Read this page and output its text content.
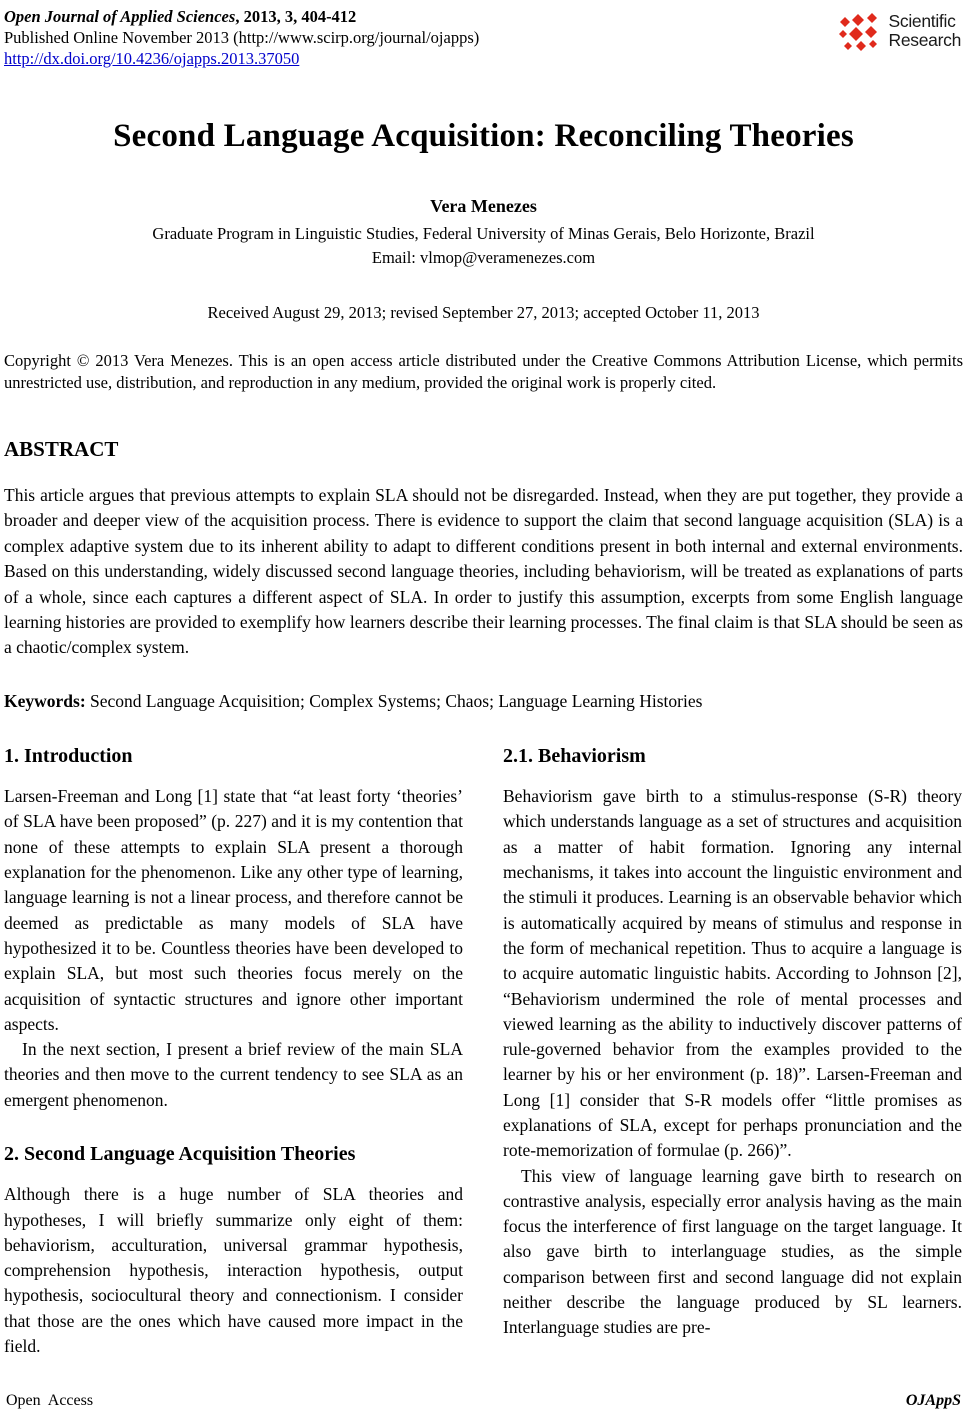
Open Journal of Applied Sciences, 2013, 3, 404-412
Published Online November 2013 (http://www.scirp.org/journal/ojapps)
http://dx.doi.org/10.4236/ojapps.2013.37050
Scientific
Research
Second Language Acquisition: Reconciling Theories
Vera Menezes
Graduate Program in Linguistic Studies, Federal University of Minas Gerais, Belo Horizonte, Brazil
Email: vlmop@veramenezes.com
Received August 29, 2013; revised September 27, 2013; accepted October 11, 2013
Copyright © 2013 Vera Menezes. This is an open access article distributed under the Creative Commons Attribution License, which permits unrestricted use, distribution, and reproduction in any medium, provided the original work is properly cited.
ABSTRACT
This article argues that previous attempts to explain SLA should not be disregarded. Instead, when they are put together, they provide a broader and deeper view of the acquisition process. There is evidence to support the claim that second language acquisition (SLA) is a complex adaptive system due to its inherent ability to adapt to different conditions present in both internal and external environments. Based on this understanding, widely discussed second language theories, including behaviorism, will be treated as explanations of parts of a whole, since each captures a different aspect of SLA. In order to justify this assumption, excerpts from some English language learning histories are provided to exemplify how learners describe their learning processes. The final claim is that SLA should be seen as a chaotic/complex system.
Keywords: Second Language Acquisition; Complex Systems; Chaos; Language Learning Histories
1. Introduction

Larsen-Freeman and Long [1] state that “at least forty ‘theories’ of SLA have been proposed” (p. 227) and it is my contention that none of these attempts to explain SLA present a thorough explanation for the phenomenon. Like any other type of learning, language learning is not a linear process, and therefore cannot be deemed as predictable as many models of SLA have hypothesized it to be. Countless theories have been developed to explain SLA, but most such theories focus merely on the acquisition of syntactic structures and ignore other important aspects.

In the next section, I present a brief review of the main SLA theories and then move to the current tendency to see SLA as an emergent phenomenon.

2. Second Language Acquisition Theories

Although there is a huge number of SLA theories and hypotheses, I will briefly summarize only eight of them: behaviorism, acculturation, universal grammar hypothesis, comprehension hypothesis, interaction hypothesis, output hypothesis, sociocultural theory and connectionism. I consider that those are the ones which have caused more impact in the field.

2.1. Behaviorism

Behaviorism gave birth to a stimulus-response (S-R) theory which understands language as a set of structures and acquisition as a matter of habit formation. Ignoring any internal mechanisms, it takes into account the linguistic environment and the stimuli it produces. Learning is an observable behavior which is automatically acquired by means of stimulus and response in the form of mechanical repetition. Thus to acquire a language is to acquire automatic linguistic habits. According to Johnson [2], “Behaviorism undermined the role of mental processes and viewed learning as the ability to inductively discover patterns of rule-governed behavior from the examples provided to the learner by his or her environment (p. 18)”. Larsen-Freeman and Long [1] consider that S-R models offer “little promises as explanations of SLA, except for perhaps pronunciation and the rote-memorization of formulae (p. 266)”.

This view of language learning gave birth to research on contrastive analysis, especially error analysis having as the main focus the interference of first language on the target language. It also gave birth to interlanguage studies, as the simple comparison between first and second language did not explain neither describe the language produced by SL learners. Interlanguage studies are pre-

Open Access	OJAppS
